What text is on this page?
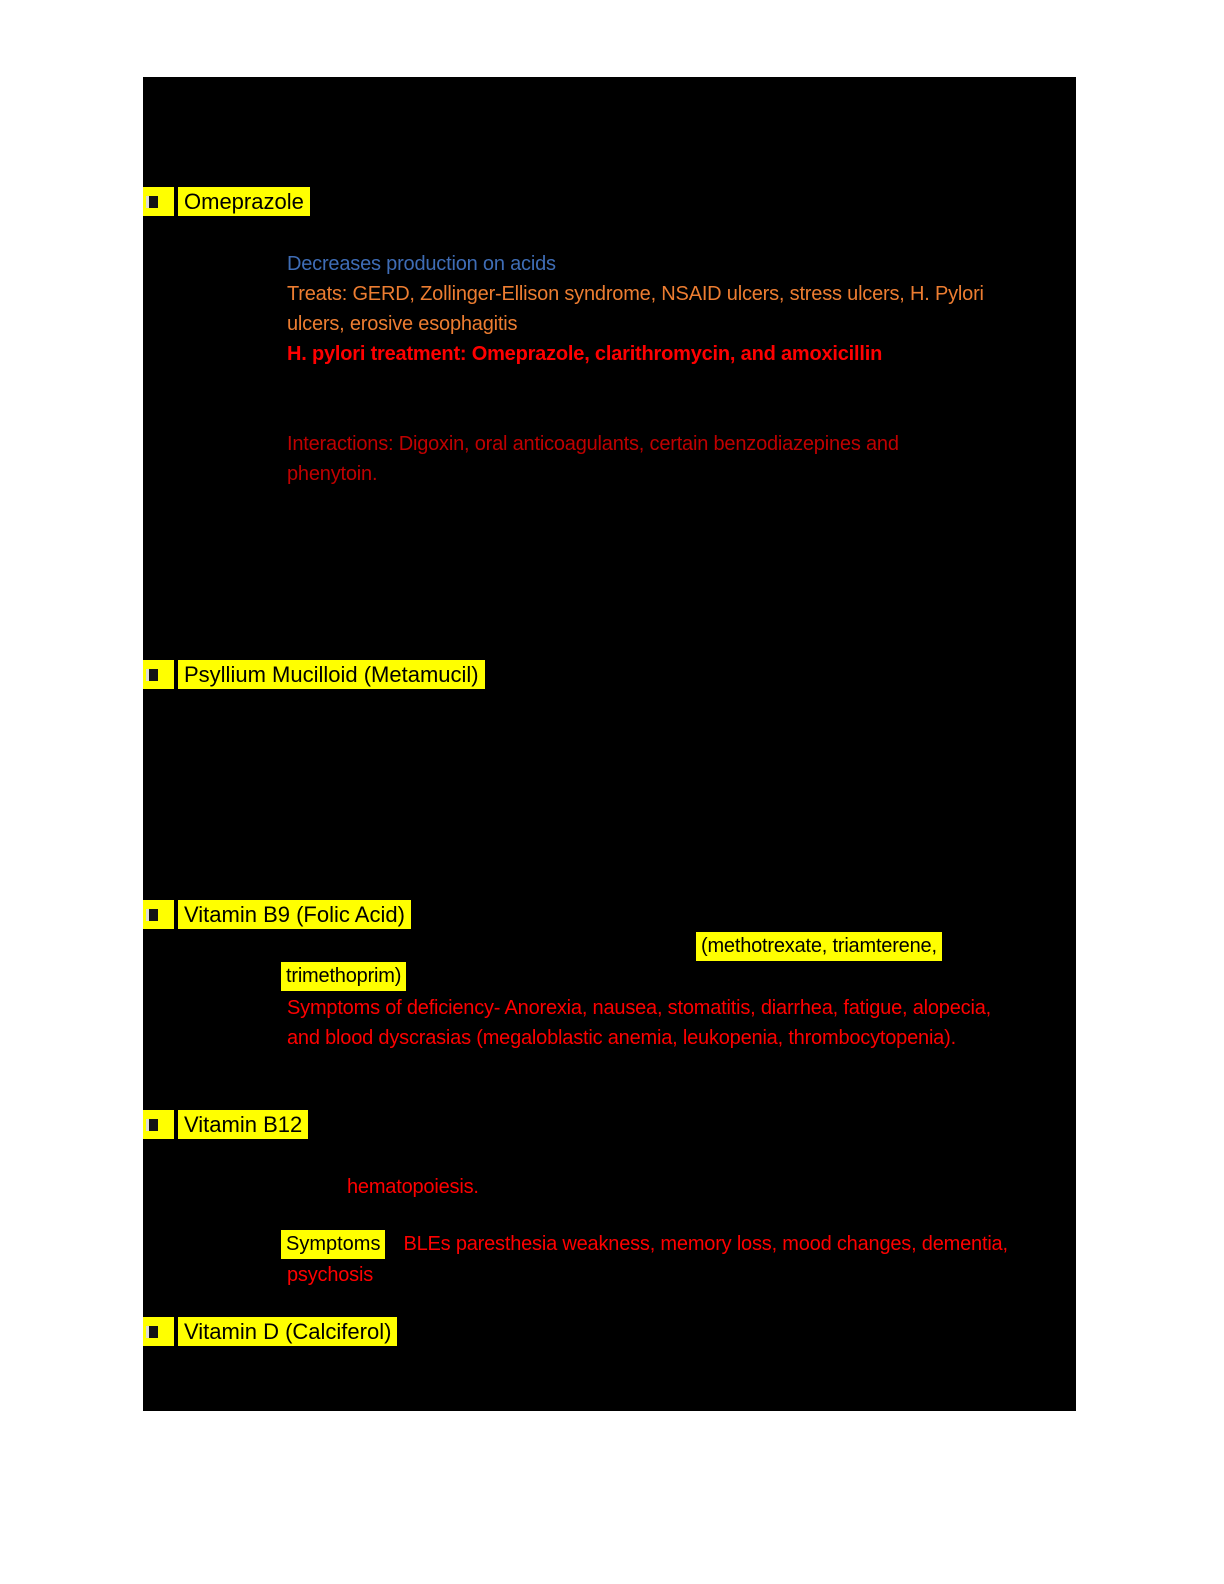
Omeprazole
Decreases production on acids
Treats: GERD, Zollinger-Ellison syndrome, NSAID ulcers, stress ulcers, H. Pylori
ulcers, erosive esophagitis
H. pylori treatment: Omeprazole, clarithromycin, and amoxicillin
Interactions: Digoxin, oral anticoagulants, certain benzodiazepines and
phenytoin.
Psyllium Mucilloid (Metamucil)
Vitamin B9 (Folic Acid)
(methotrexate, triamterene,
trimethoprim)
Symptoms of deficiency- Anorexia, nausea, stomatitis, diarrhea, fatigue, alopecia,
and blood dyscrasias (megaloblastic anemia, leukopenia, thrombocytopenia).
Vitamin B12
hematopoiesis.
Symptoms BLEs paresthesia weakness, memory loss, mood changes, dementia,
psychosis
Vitamin D (Calciferol)
